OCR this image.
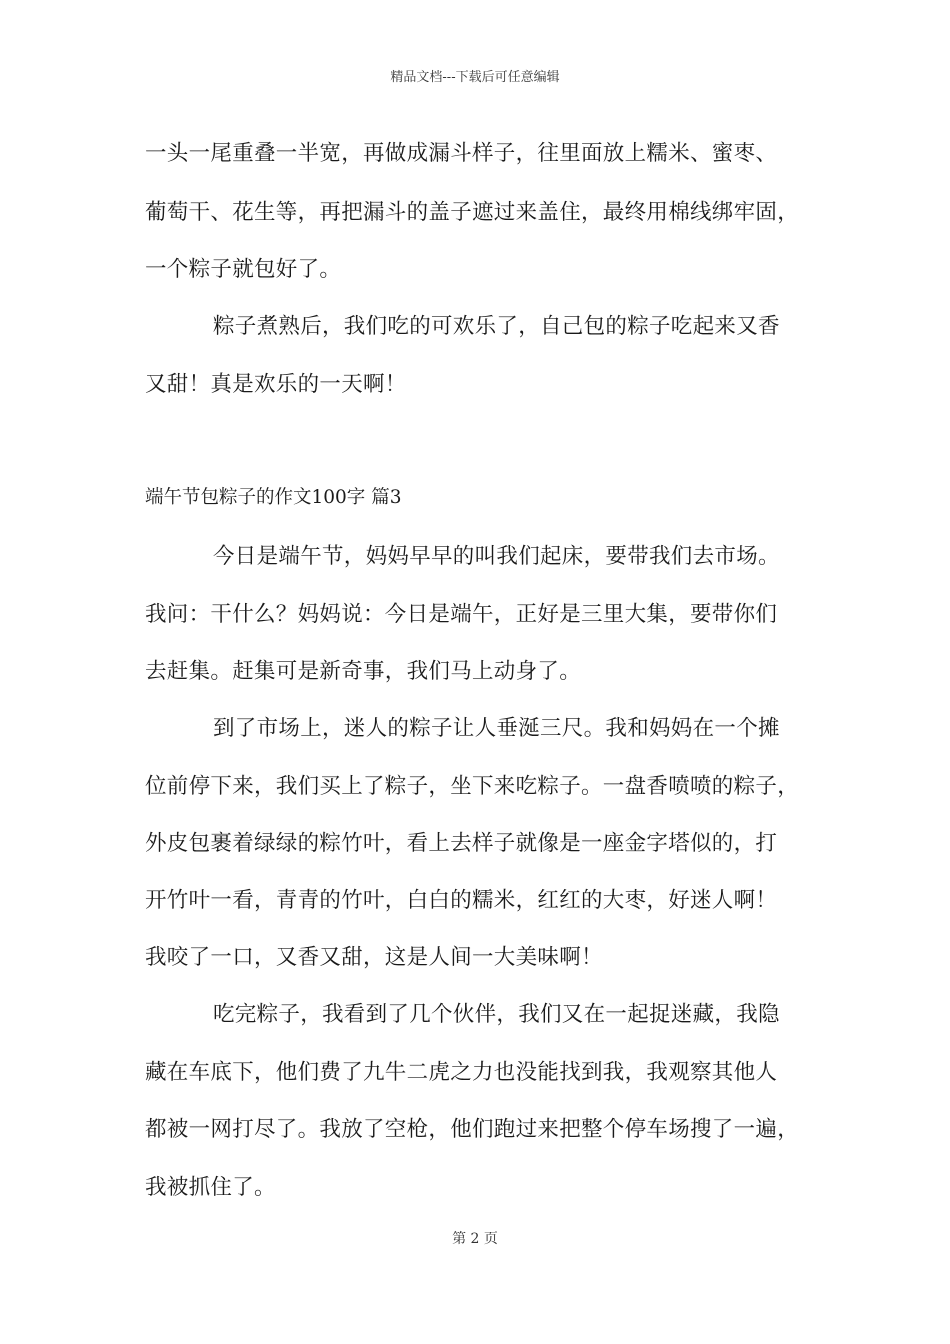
精品文档---下载后可任意编辑
一头一尾重叠一半宽，再做成漏斗样子，往里面放上糯米、蜜枣、
葡萄干、花生等，再把漏斗的盖子遮过来盖住，最终用棉线绑牢固，
一个粽子就包好了。
粽子煮熟后，我们吃的可欢乐了，自己包的粽子吃起来又香
又甜！真是欢乐的一天啊！
端午节包粽子的作文100字 篇3
今日是端午节，妈妈早早的叫我们起床，要带我们去市场。
我问：干什么？妈妈说：今日是端午，正好是三里大集，要带你们
去赶集。赶集可是新奇事，我们马上动身了。
到了市场上，迷人的粽子让人垂涎三尺。我和妈妈在一个摊
位前停下来，我们买上了粽子，坐下来吃粽子。一盘香喷喷的粽子，
外皮包裹着绿绿的粽竹叶，看上去样子就像是一座金字塔似的，打
开竹叶一看，青青的竹叶，白白的糯米，红红的大枣，好迷人啊！
我咬了一口，又香又甜，这是人间一大美味啊！
吃完粽子，我看到了几个伙伴，我们又在一起捉迷藏，我隐
藏在车底下，他们费了九牛二虎之力也没能找到我，我观察其他人
都被一网打尽了。我放了空枪，他们跑过来把整个停车场搜了一遍，
我被抓住了。
第 2 页
